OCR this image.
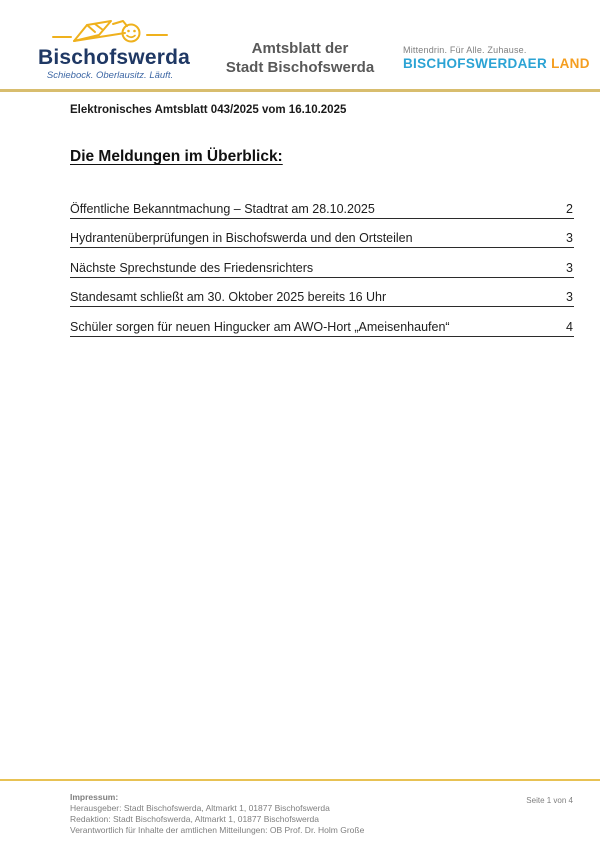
Bischofswerda
Schiebock. Oberlausitz. Läuft.
Amtsblatt der
Stadt Bischofswerda
Mittendrin. Für Alle. Zuhause.
BISCHOFSWERDAER LAND
Elektronisches Amtsblatt 043/2025 vom 16.10.2025
Die Meldungen im Überblick:
Öffentliche Bekanntmachung – Stadtrat am 28.10.2025	2
Hydrantenüberprüfungen in Bischofswerda und den Ortsteilen	3
Nächste Sprechstunde des Friedensrichters	3
Standesamt schließt am 30. Oktober 2025 bereits 16 Uhr	3
Schüler sorgen für neuen Hingucker am AWO-Hort „Ameisenhaufen“	4
Impressum:
Herausgeber: Stadt Bischofswerda, Altmarkt 1, 01877 Bischofswerda
Redaktion: Stadt Bischofswerda, Altmarkt 1, 01877 Bischofswerda
Verantwortlich für Inhalte der amtlichen Mitteilungen: OB Prof. Dr. Holm Große
Seite 1 von 4
